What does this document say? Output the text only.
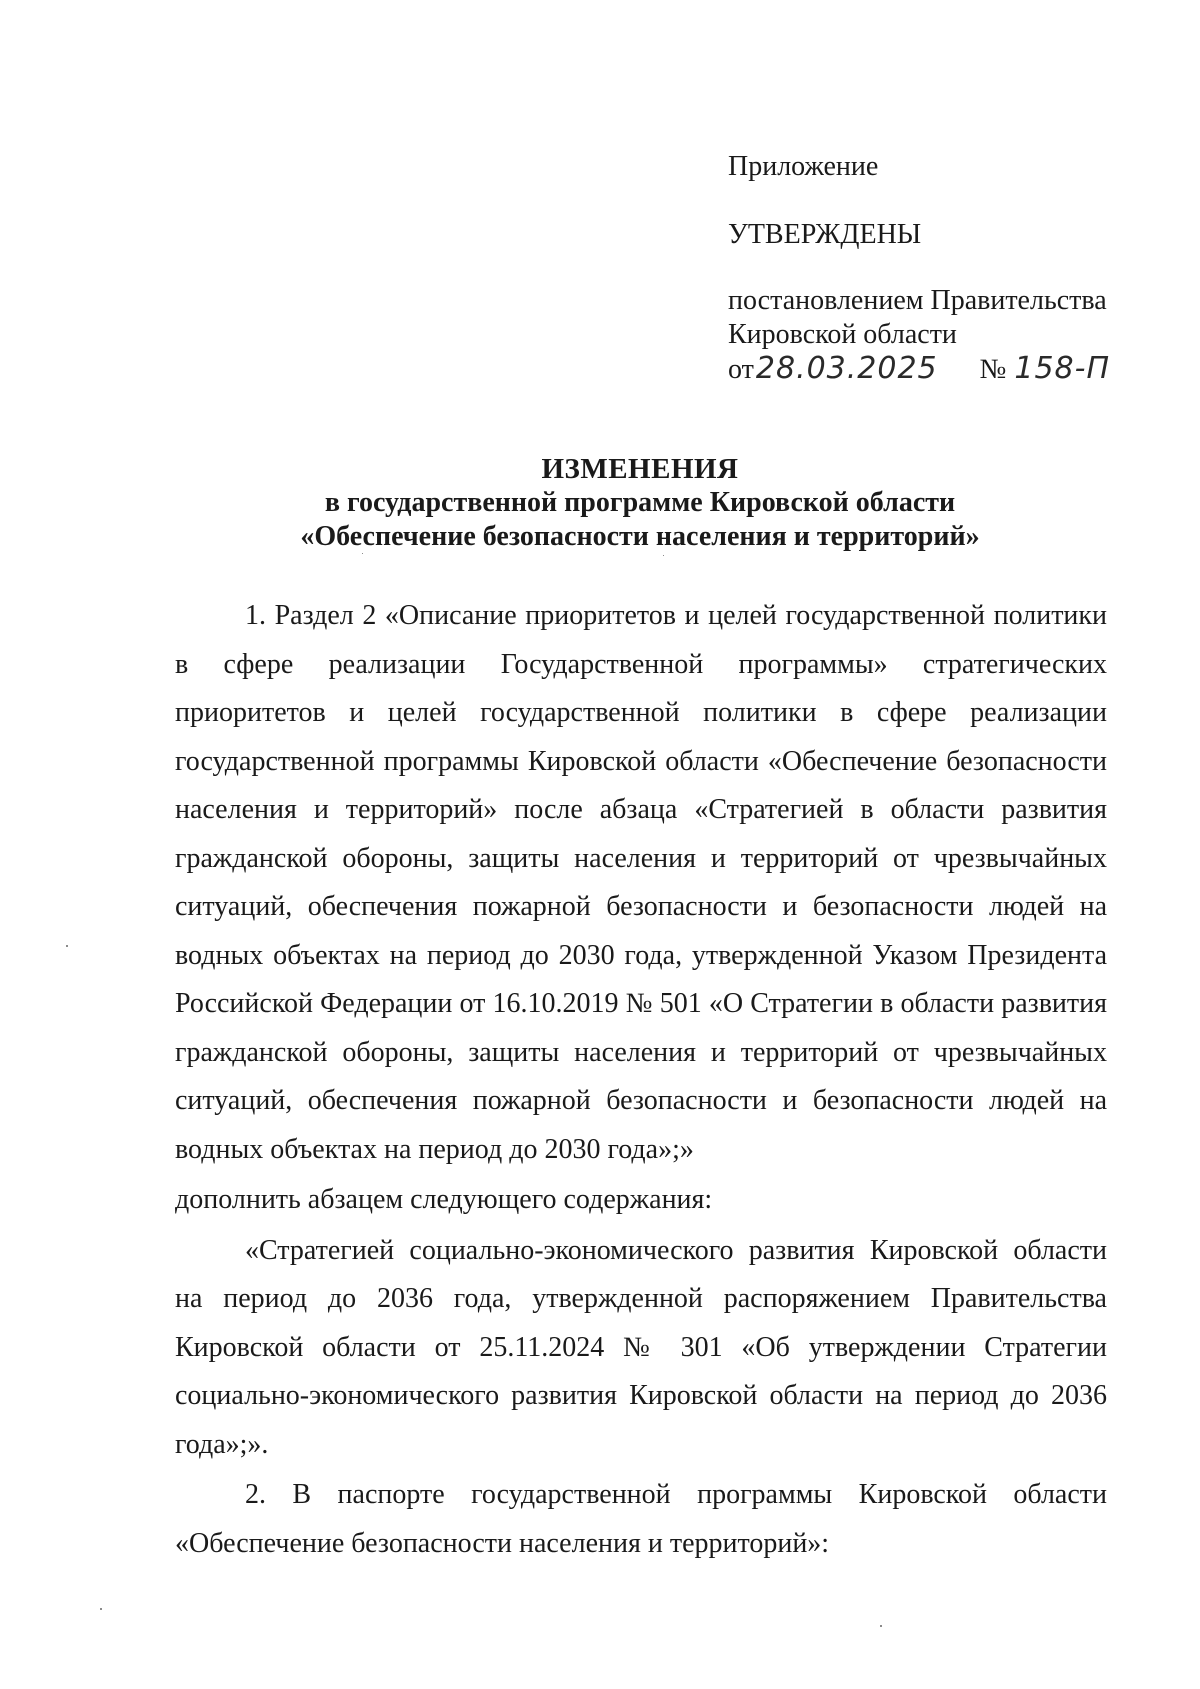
Приложение
УТВЕРЖДЕНЫ
постановлением Правительства
Кировской области
от28.03.2025 № 158-П
ИЗМЕНЕНИЯ
в государственной программе Кировской области
«Обеспечение безопасности населения и территорий»

1. Раздел 2 «Описание приоритетов и целей государственной политики в сфере реализации Государственной программы» стратегических приоритетов и целей государственной политики в сфере реализации государственной программы Кировской области «Обеспечение безопасности населения и территорий» после абзаца «Стратегией в области развития гражданской обороны, защиты населения и территорий от чрезвычайных ситуаций, обеспечения пожарной безопасности и безопасности людей на водных объектах на период до 2030 года, утвержденной Указом Президента Российской Федерации от 16.10.2019 № 501 «О Стратегии в области развития гражданской обороны, защиты населения и территорий от чрезвычайных ситуаций, обеспечения пожарной безопасности и безопасности людей на водных объектах на период до 2030 года»;»

дополнить абзацем следующего содержания:

«Стратегией социально-экономического развития Кировской области на период до 2036 года, утвержденной распоряжением Правительства Кировской области от 25.11.2024 № 301 «Об утверждении Стратегии социально-экономического развития Кировской области на период до 2036 года»;».

2. В паспорте государственной программы Кировской области «Обеспечение безопасности населения и территорий»:
